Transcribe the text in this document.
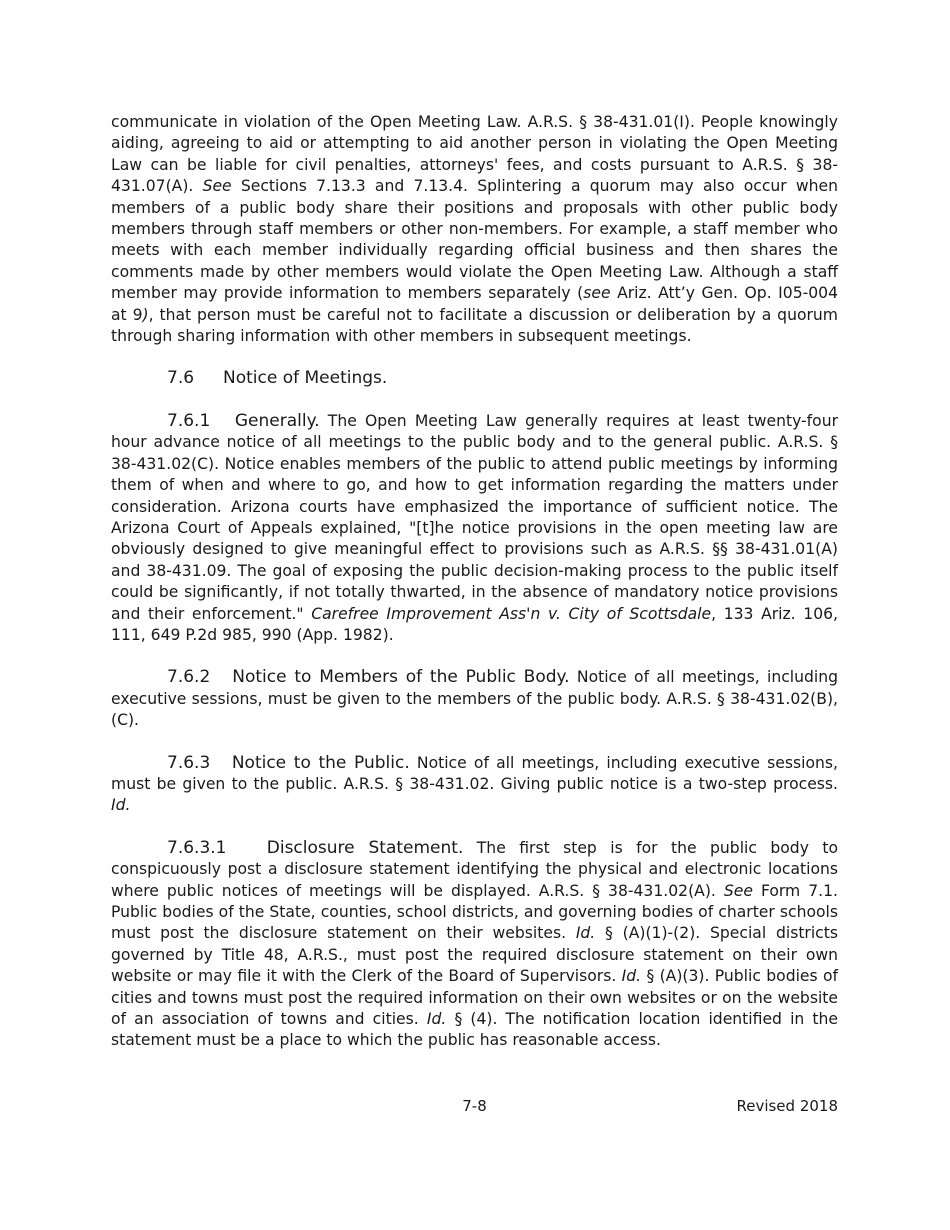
communicate in violation of the Open Meeting Law. A.R.S. § 38-431.01(I). People knowingly aiding, agreeing to aid or attempting to aid another person in violating the Open Meeting Law can be liable for civil penalties, attorneys' fees, and costs pursuant to A.R.S. § 38-431.07(A). See Sections 7.13.3 and 7.13.4. Splintering a quorum may also occur when members of a public body share their positions and proposals with other public body members through staff members or other non-members. For example, a staff member who meets with each member individually regarding official business and then shares the comments made by other members would violate the Open Meeting Law. Although a staff member may provide information to members separately (see Ariz. Att’y Gen. Op. I05-004 at 9), that person must be careful not to facilitate a discussion or deliberation by a quorum through sharing information with other members in subsequent meetings.

7.6 Notice of Meetings.

7.6.1 Generally. The Open Meeting Law generally requires at least twenty-four hour advance notice of all meetings to the public body and to the general public. A.R.S. § 38-431.02(C). Notice enables members of the public to attend public meetings by informing them of when and where to go, and how to get information regarding the matters under consideration. Arizona courts have emphasized the importance of sufficient notice. The Arizona Court of Appeals explained, "[t]he notice provisions in the open meeting law are obviously designed to give meaningful effect to provisions such as A.R.S. §§ 38-431.01(A) and 38-431.09. The goal of exposing the public decision-making process to the public itself could be significantly, if not totally thwarted, in the absence of mandatory notice provisions and their enforcement." Carefree Improvement Ass'n v. City of Scottsdale, 133 Ariz. 106, 111, 649 P.2d 985, 990 (App. 1982).

7.6.2 Notice to Members of the Public Body. Notice of all meetings, including executive sessions, must be given to the members of the public body. A.R.S. § 38-431.02(B), (C).

7.6.3 Notice to the Public. Notice of all meetings, including executive sessions, must be given to the public. A.R.S. § 38-431.02. Giving public notice is a two-step process. Id.

7.6.3.1 Disclosure Statement. The first step is for the public body to conspicuously post a disclosure statement identifying the physical and electronic locations where public notices of meetings will be displayed. A.R.S. § 38-431.02(A). See Form 7.1. Public bodies of the State, counties, school districts, and governing bodies of charter schools must post the disclosure statement on their websites. Id. § (A)(1)-(2). Special districts governed by Title 48, A.R.S., must post the required disclosure statement on their own website or may file it with the Clerk of the Board of Supervisors. Id. § (A)(3). Public bodies of cities and towns must post the required information on their own websites or on the website of an association of towns and cities. Id. § (4). The notification location identified in the statement must be a place to which the public has reasonable access.

7-8	Revised 2018
